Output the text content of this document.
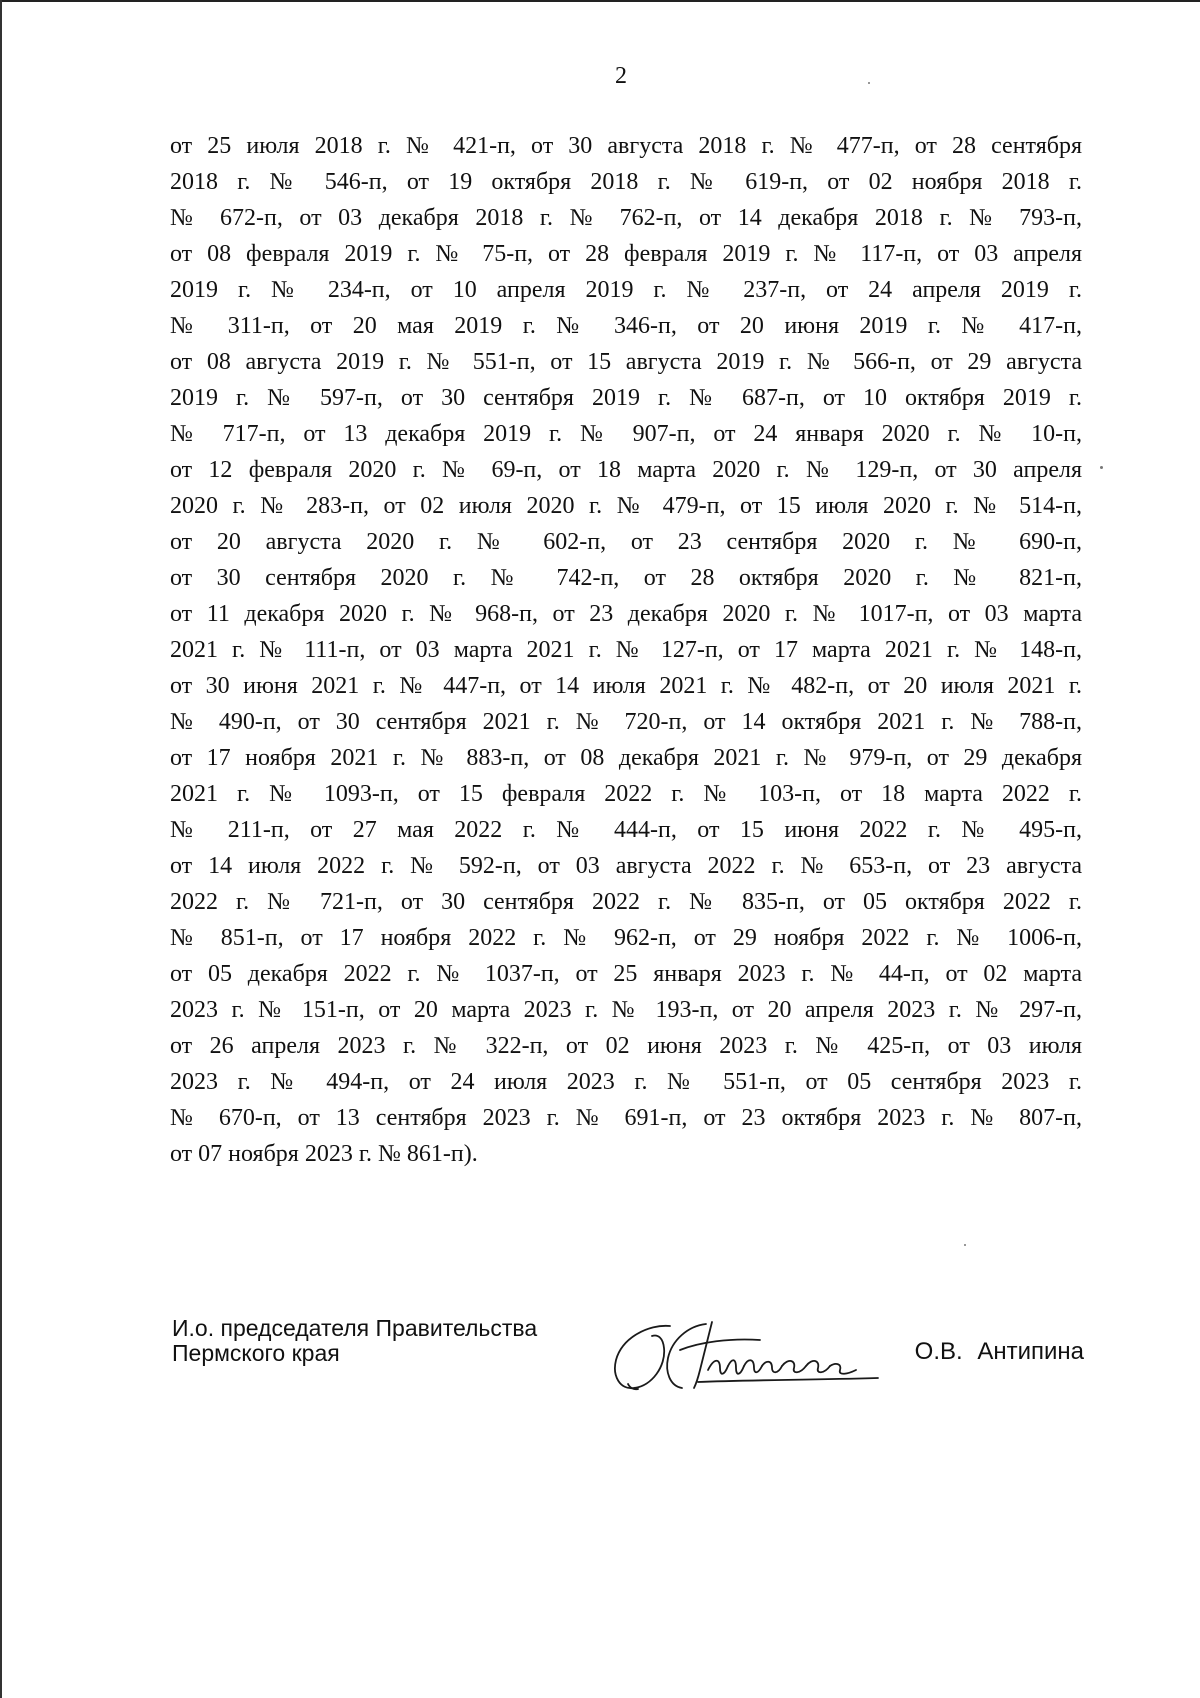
2
от 25 июля 2018 г. № 421-п, от 30 августа 2018 г. № 477-п, от 28 сентября
2018 г. № 546-п, от 19 октября 2018 г. № 619-п, от 02 ноября 2018 г.
№ 672-п, от 03 декабря 2018 г. № 762-п, от 14 декабря 2018 г. № 793-п,
от 08 февраля 2019 г. № 75-п, от 28 февраля 2019 г. № 117-п, от 03 апреля
2019 г. № 234-п, от 10 апреля 2019 г. № 237-п, от 24 апреля 2019 г.
№ 311-п, от 20 мая 2019 г. № 346-п, от 20 июня 2019 г. № 417-п,
от 08 августа 2019 г. № 551-п, от 15 августа 2019 г. № 566-п, от 29 августа
2019 г. № 597-п, от 30 сентября 2019 г. № 687-п, от 10 октября 2019 г.
№ 717-п, от 13 декабря 2019 г. № 907-п, от 24 января 2020 г. № 10-п,
от 12 февраля 2020 г. № 69-п, от 18 марта 2020 г. № 129-п, от 30 апреля
2020 г. № 283-п, от 02 июля 2020 г. № 479-п, от 15 июля 2020 г. № 514-п,
от 20 августа 2020 г. № 602-п, от 23 сентября 2020 г. № 690-п,
от 30 сентября 2020 г. № 742-п, от 28 октября 2020 г. № 821-п,
от 11 декабря 2020 г. № 968-п, от 23 декабря 2020 г. № 1017-п, от 03 марта
2021 г. № 111-п, от 03 марта 2021 г. № 127-п, от 17 марта 2021 г. № 148-п,
от 30 июня 2021 г. № 447-п, от 14 июля 2021 г. № 482-п, от 20 июля 2021 г.
№ 490-п, от 30 сентября 2021 г. № 720-п, от 14 октября 2021 г. № 788-п,
от 17 ноября 2021 г. № 883-п, от 08 декабря 2021 г. № 979-п, от 29 декабря
2021 г. № 1093-п, от 15 февраля 2022 г. № 103-п, от 18 марта 2022 г.
№ 211-п, от 27 мая 2022 г. № 444-п, от 15 июня 2022 г. № 495-п,
от 14 июля 2022 г. № 592-п, от 03 августа 2022 г. № 653-п, от 23 августа
2022 г. № 721-п, от 30 сентября 2022 г. № 835-п, от 05 октября 2022 г.
№ 851-п, от 17 ноября 2022 г. № 962-п, от 29 ноября 2022 г. № 1006-п,
от 05 декабря 2022 г. № 1037-п, от 25 января 2023 г. № 44-п, от 02 марта
2023 г. № 151-п, от 20 марта 2023 г. № 193-п, от 20 апреля 2023 г. № 297-п,
от 26 апреля 2023 г. № 322-п, от 02 июня 2023 г. № 425-п, от 03 июля
2023 г. № 494-п, от 24 июля 2023 г. № 551-п, от 05 сентября 2023 г.
№ 670-п, от 13 сентября 2023 г. № 691-п, от 23 октября 2023 г. № 807-п,
от 07 ноября 2023 г. № 861-п).
И.о. председателя Правительства
Пермского края	О.В. Антипина
